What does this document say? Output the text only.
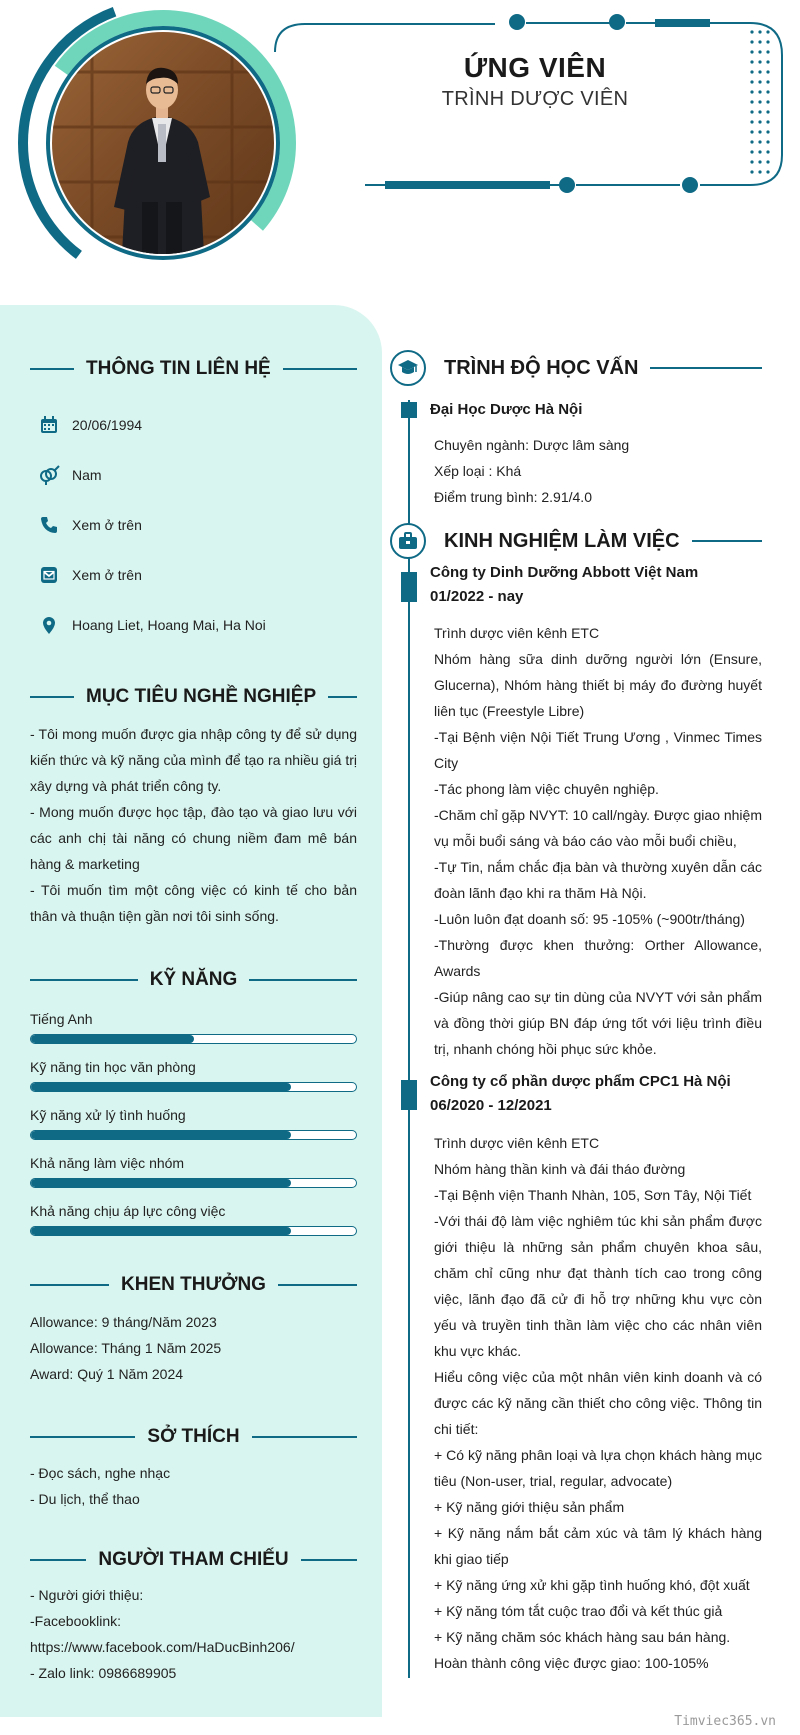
ỨNG VIÊN
TRÌNH DƯỢC VIÊN
THÔNG TIN LIÊN HỆ
20/06/1994
Nam
Xem ở trên
Xem ở trên
Hoang Liet, Hoang Mai, Ha Noi
MỤC TIÊU NGHỀ NGHIỆP
- Tôi mong muốn được gia nhập công ty để sử dụng kiến thức và kỹ năng của mình để tạo ra nhiều giá trị xây dựng và phát triển công ty.
- Mong muốn được học tập, đào tạo và giao lưu với các anh chị tài năng có chung niềm đam mê bán hàng & marketing
- Tôi muốn tìm một công việc có kinh tế cho bản thân và thuận tiện gần nơi tôi sinh sống.
KỸ NĂNG
Tiếng Anh
Kỹ năng tin học văn phòng
Kỹ năng xử lý tình huống
Khả năng làm việc nhóm
Khả năng chịu áp lực công việc
KHEN THƯỞNG
Allowance: 9 tháng/Năm 2023
Allowance: Tháng 1 Năm 2025
Award: Quý 1 Năm 2024
SỞ THÍCH
- Đọc sách, nghe nhạc
- Du lịch, thể thao
NGƯỜI THAM CHIẾU
- Người giới thiệu:
-Facebooklink:
https://www.facebook.com/HaDucBinh206/
- Zalo link: 0986689905
TRÌNH ĐỘ HỌC VẤN
Đại Học Dược Hà Nội
Chuyên ngành: Dược lâm sàng
Xếp loại : Khá
Điểm trung bình: 2.91/4.0
KINH NGHIỆM LÀM VIỆC
Công ty Dinh Dưỡng Abbott Việt Nam
01/2022 - nay
Trình dược viên kênh ETC
Nhóm hàng sữa dinh dưỡng người lớn (Ensure, Glucerna), Nhóm hàng thiết bị máy đo đường huyết liên tục (Freestyle Libre)
-Tại Bệnh viện Nội Tiết Trung Ương , Vinmec Times City
-Tác phong làm việc chuyên nghiệp.
-Chăm chỉ gặp NVYT: 10 call/ngày. Được giao nhiệm vụ mỗi buổi sáng và báo cáo vào mỗi buổi chiều,
-Tự Tin, nắm chắc địa bàn và thường xuyên dẫn các đoàn lãnh đạo khi ra thăm Hà Nội.
-Luôn luôn đạt doanh số: 95 -105% (~900tr/tháng)
-Thường được khen thưởng: Orther Allowance, Awards
-Giúp nâng cao sự tin dùng của NVYT với sản phẩm và đồng thời giúp BN đáp ứng tốt với liệu trình điều trị, nhanh chóng hồi phục sức khỏe.
Công ty cổ phần dược phẩm CPC1 Hà Nội
06/2020 - 12/2021
Trình dược viên kênh ETC
Nhóm hàng thần kinh và đái tháo đường
-Tại Bệnh viện Thanh Nhàn, 105, Sơn Tây, Nội Tiết
-Với thái độ làm việc nghiêm túc khi sản phẩm được giới thiệu là những sản phẩm chuyên khoa sâu, chăm chỉ cũng như đạt thành tích cao trong công việc, lãnh đạo đã cử đi hỗ trợ những khu vực còn yếu và truyền tinh thần làm việc cho các nhân viên khu vực khác.
Hiểu công việc của một nhân viên kinh doanh và có được các kỹ năng cần thiết cho công việc. Thông tin chi tiết:
+ Có kỹ năng phân loại và lựa chọn khách hàng mục tiêu (Non-user, trial, regular, advocate)
+ Kỹ năng giới thiệu sản phẩm
+ Kỹ năng nắm bắt cảm xúc và tâm lý khách hàng khi giao tiếp
+ Kỹ năng ứng xử khi gặp tình huống khó, đột xuất
+ Kỹ năng tóm tắt cuộc trao đổi và kết thúc giả
+ Kỹ năng chăm sóc khách hàng sau bán hàng.
Hoàn thành công việc được giao: 100-105%
Timviec365.vn
